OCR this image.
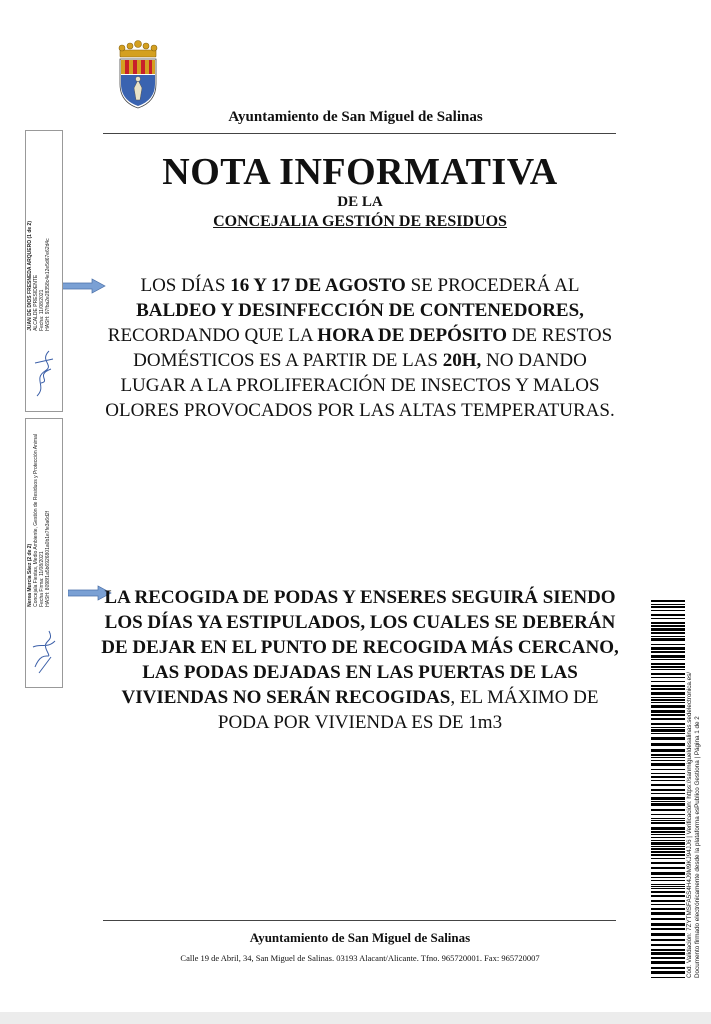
Ayuntamiento de San Miguel de Salinas
NOTA INFORMATIVA
DE LA
CONCEJALIA GESTIÓN DE RESIDUOS
LOS DÍAS 16 Y 17 DE AGOSTO SE PROCEDERÁ AL BALDEO Y DESINFECCIÓN DE CONTENEDORES, RECORDANDO QUE LA HORA DE DEPÓSITO DE RESTOS DOMÉSTICOS ES A PARTIR DE LAS 20H, NO DANDO LUGAR A LA PROLIFERACIÓN DE INSECTOS Y MALOS OLORES PROVOCADOS POR LAS ALTAS TEMPERATURAS.
LA RECOGIDA DE PODAS Y ENSERES SEGUIRÁ SIENDO LOS DÍAS YA ESTIPULADOS, LOS CUALES SE DEBERÁN DE DEJAR EN EL PUNTO DE RECOGIDA MÁS CERCANO, LAS PODAS DEJADAS EN LAS PUERTAS DE LAS VIVIENDAS NO SERÁN RECOGIDAS, EL MÁXIMO DE PODA POR VIVIENDA ES DE 1m3
JUAN DE DIOS FRESNEDA ARQUERO (1 de 2) ALCALDE PRESIDENTE Fecha: 11/08/2021 HASH: 97fba2e28358c4e12e5d67e62d4c
Nerea Murcia Sáez (2 de 2) Concejala Fiestas, Medio Ambiente, Gestión de Residuos y Protección Animal Fecha Firma: 11/08/2021 HASH: 8098f1a5b6926801a0b1e7fe3a6d2f
Cód. Validación: 7ZYTMSFA5S4H4J9M9KJ94JJ6 | Verificación: https://sanmigueldesalinas.sedelectronica.es/ Documento firmado electrónicamente desde la plataforma esPublico Gestiona | Página 1 de 2
Ayuntamiento de San Miguel de Salinas
Calle 19 de Abril, 34, San Miguel de Salinas. 03193 Alacant/Alicante. Tfno. 965720001. Fax: 965720007
